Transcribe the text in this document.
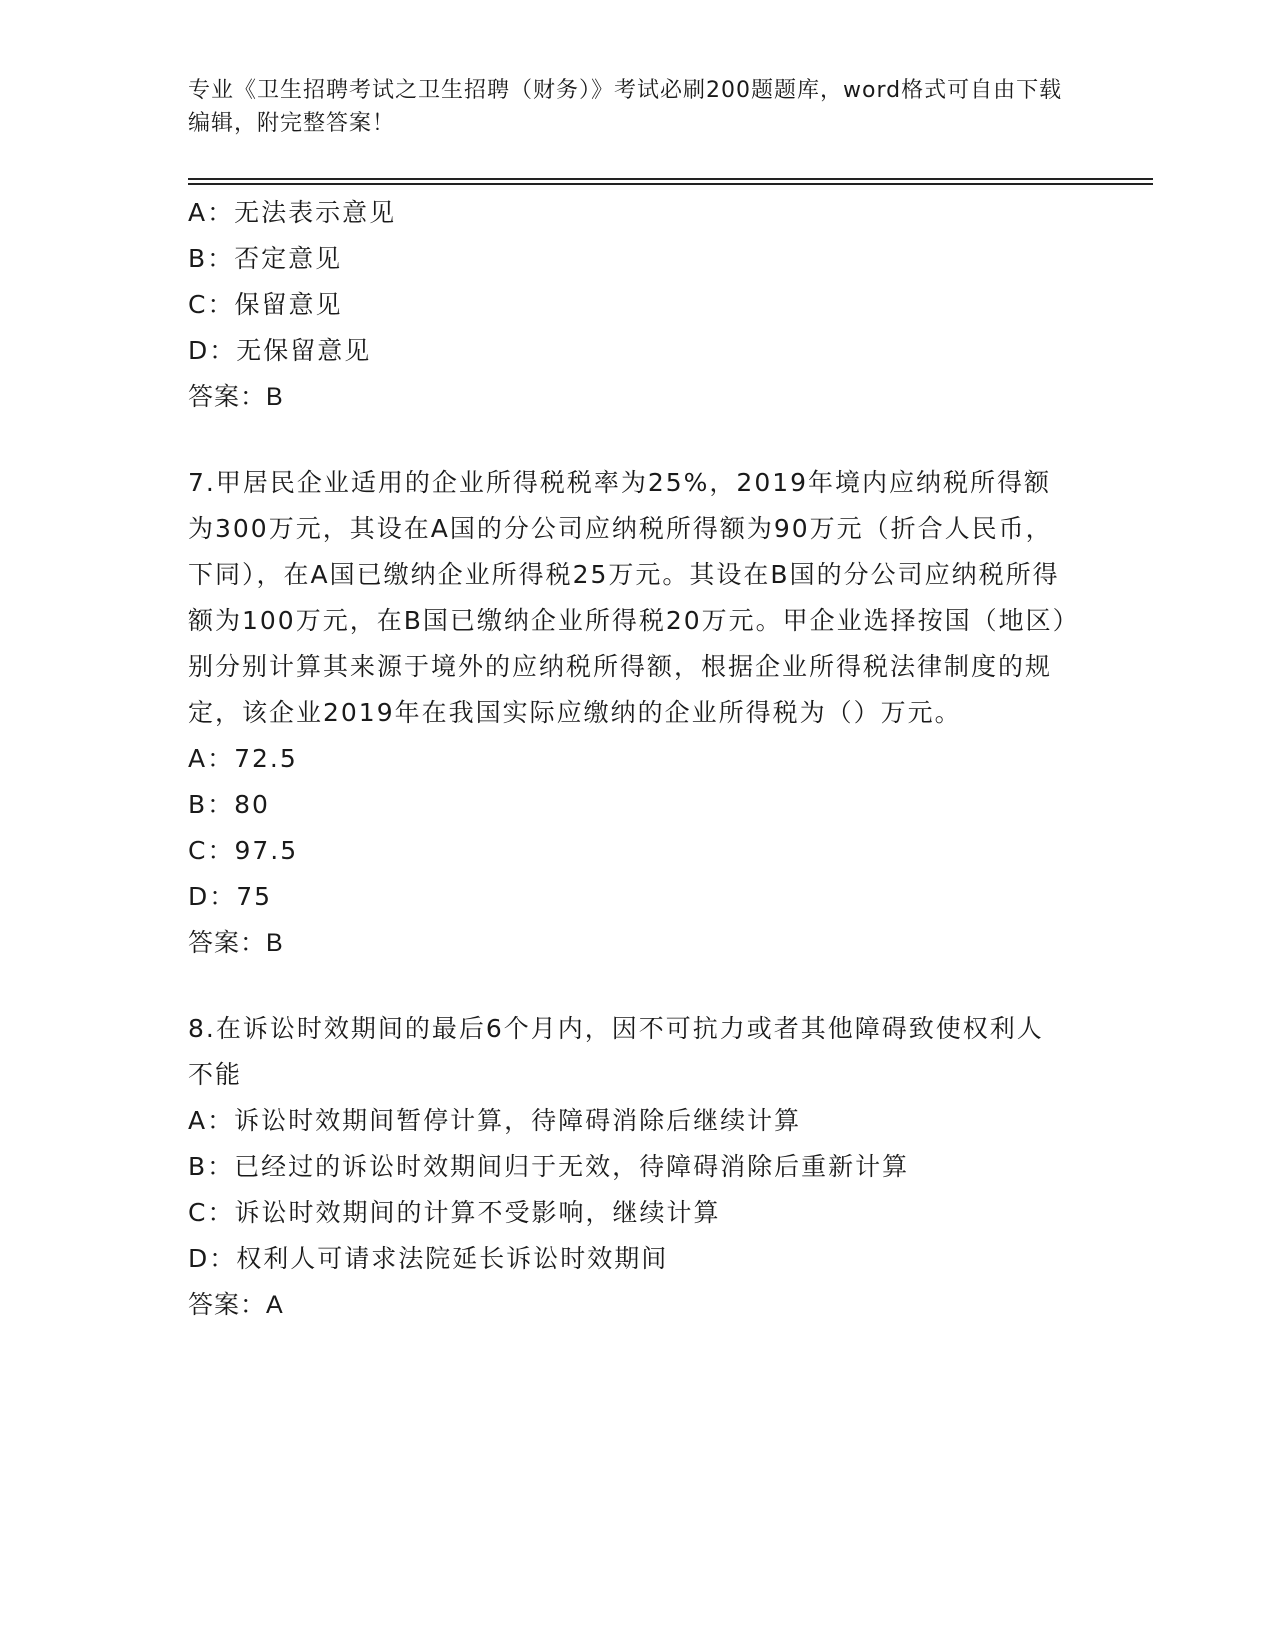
专业《卫生招聘考试之卫生招聘（财务）》考试必刷200题题库，word格式可自由下载编辑，附完整答案！
A：无法表示意见
B：否定意见
C：保留意见
D：无保留意见
答案：B
7.甲居民企业适用的企业所得税税率为25%，2019年境内应纳税所得额为300万元，其设在A国的分公司应纳税所得额为90万元（折合人民币，下同），在A国已缴纳企业所得税25万元。其设在B国的分公司应纳税所得额为100万元，在B国已缴纳企业所得税20万元。甲企业选择按国（地区）别分别计算其来源于境外的应纳税所得额，根据企业所得税法律制度的规定，该企业2019年在我国实际应缴纳的企业所得税为（）万元。
A：72.5
B：80
C：97.5
D：75
答案：B
8.在诉讼时效期间的最后6个月内，因不可抗力或者其他障碍致使权利人不能
A：诉讼时效期间暂停计算，待障碍消除后继续计算
B：已经过的诉讼时效期间归于无效，待障碍消除后重新计算
C：诉讼时效期间的计算不受影响，继续计算
D：权利人可请求法院延长诉讼时效期间
答案：A
